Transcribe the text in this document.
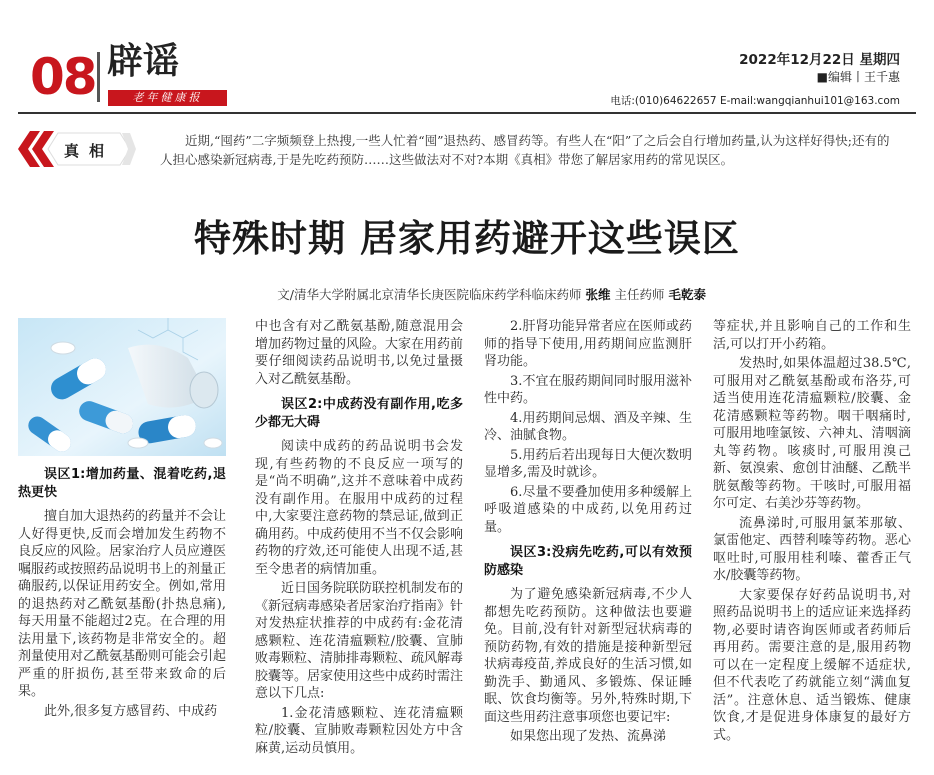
08 辟谣
老年健康报
2022年12月22日 星期四
■编辑丨王千惠
电话:(010)64622657 E-mail:wangqianhui101@163.com
真相
近期,“囤药”二字频频登上热搜,一些人忙着“囤”退热药、感冒药等。有些人在“阳”了之后会自行增加药量,认为这样好得快;还有的人担心感染新冠病毒,于是先吃药预防……这些做法对不对?本期《真相》带您了解居家用药的常见误区。
特殊时期 居家用药避开这些误区
文/清华大学附属北京清华长庚医院临床药学科临床药师 张维 主任药师 毛乾泰
误区1:增加药量、混着吃药,退热更快

擅自加大退热药的药量并不会让人好得更快,反而会增加发生药物不良反应的风险。居家治疗人员应遵医嘱服药或按照药品说明书上的剂量正确服药,以保证用药安全。例如,常用的退热药对乙酰氨基酚(扑热息痛),每天用量不能超过2克。在合理的用法用量下,该药物是非常安全的。超剂量使用对乙酰氨基酚则可能会引起严重的肝损伤,甚至带来致命的后果。

此外,很多复方感冒药、中成药

中也含有对乙酰氨基酚,随意混用会增加药物过量的风险。大家在用药前要仔细阅读药品说明书,以免过量摄入对乙酰氨基酚。

误区2:中成药没有副作用,吃多少都无大碍

阅读中成药的药品说明书会发现,有些药物的不良反应一项写的是“尚不明确”,这并不意味着中成药没有副作用。在服用中成药的过程中,大家要注意药物的禁忌证,做到正确用药。中成药使用不当不仅会影响药物的疗效,还可能使人出现不适,甚至令患者的病情加重。

近日国务院联防联控机制发布的《新冠病毒感染者居家治疗指南》针对发热症状推荐的中成药有:金花清感颗粒、连花清瘟颗粒/胶囊、宣肺败毒颗粒、清肺排毒颗粒、疏风解毒胶囊等。居家使用这些中成药时需注意以下几点:

1.金花清感颗粒、连花清瘟颗粒/胶囊、宣肺败毒颗粒因处方中含麻黄,运动员慎用。

2.肝肾功能异常者应在医师或药师的指导下使用,用药期间应监测肝肾功能。

3.不宜在服药期间同时服用滋补性中药。

4.用药期间忌烟、酒及辛辣、生冷、油腻食物。

5.用药后若出现每日大便次数明显增多,需及时就诊。

6.尽量不要叠加使用多种缓解上呼吸道感染的中成药,以免用药过量。

误区3:没病先吃药,可以有效预防感染

为了避免感染新冠病毒,不少人都想先吃药预防。这种做法也要避免。目前,没有针对新型冠状病毒的预防药物,有效的措施是接种新型冠状病毒疫苗,养成良好的生活习惯,如勤洗手、勤通风、多锻炼、保证睡眠、饮食均衡等。另外,特殊时期,下面这些用药注意事项您也要记牢:

如果您出现了发热、流鼻涕

等症状,并且影响自己的工作和生活,可以打开小药箱。

发热时,如果体温超过38.5℃,可服用对乙酰氨基酚或布洛芬,可适当使用连花清瘟颗粒/胶囊、金花清感颗粒等药物。咽干咽痛时,可服用地喹氯铵、六神丸、清咽滴丸等药物。咳痰时,可服用溴己新、氨溴索、愈创甘油醚、乙酰半胱氨酸等药物。干咳时,可服用福尔可定、右美沙芬等药物。

流鼻涕时,可服用氯苯那敏、氯雷他定、西替利嗪等药物。恶心呕吐时,可服用桂利嗪、藿香正气水/胶囊等药物。

大家要保存好药品说明书,对照药品说明书上的适应证来选择药物,必要时请咨询医师或者药师后再用药。需要注意的是,服用药物可以在一定程度上缓解不适症状,但不代表吃了药就能立刻“满血复活”。注意休息、适当锻炼、健康饮食,才是促进身体康复的最好方式。
